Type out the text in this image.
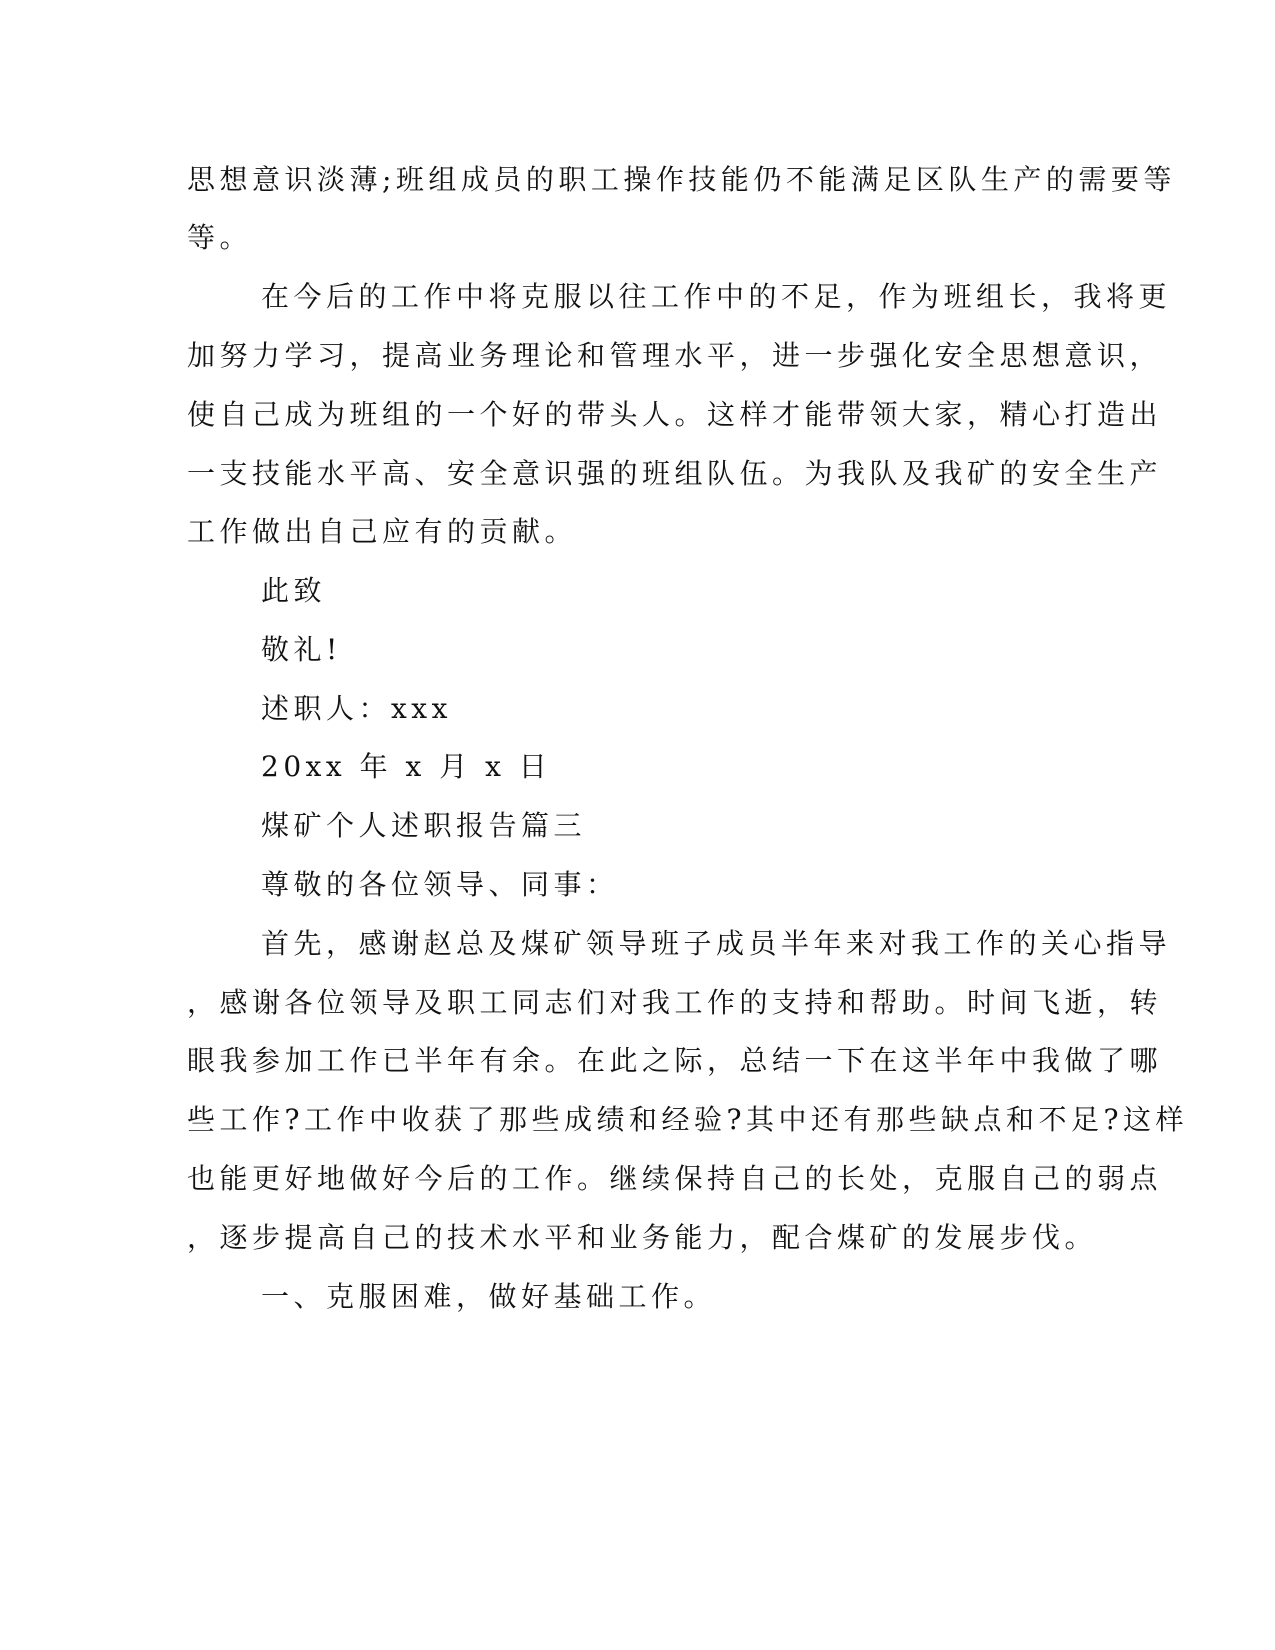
思想意识淡薄;班组成员的职工操作技能仍不能满足区队生产的需要等
等。
在今后的工作中将克服以往工作中的不足，作为班组长，我将更
加努力学习，提高业务理论和管理水平，进一步强化安全思想意识，
使自己成为班组的一个好的带头人。这样才能带领大家，精心打造出
一支技能水平高、安全意识强的班组队伍。为我队及我矿的安全生产
工作做出自己应有的贡献。
此致
敬礼!
述职人：xxx
20xx 年 x 月 x 日
煤矿个人述职报告篇三
尊敬的各位领导、同事：
首先，感谢赵总及煤矿领导班子成员半年来对我工作的关心指导
，感谢各位领导及职工同志们对我工作的支持和帮助。时间飞逝，转
眼我参加工作已半年有余。在此之际，总结一下在这半年中我做了哪
些工作?工作中收获了那些成绩和经验?其中还有那些缺点和不足?这样
也能更好地做好今后的工作。继续保持自己的长处，克服自己的弱点
，逐步提高自己的技术水平和业务能力，配合煤矿的发展步伐。
一、克服困难，做好基础工作。
